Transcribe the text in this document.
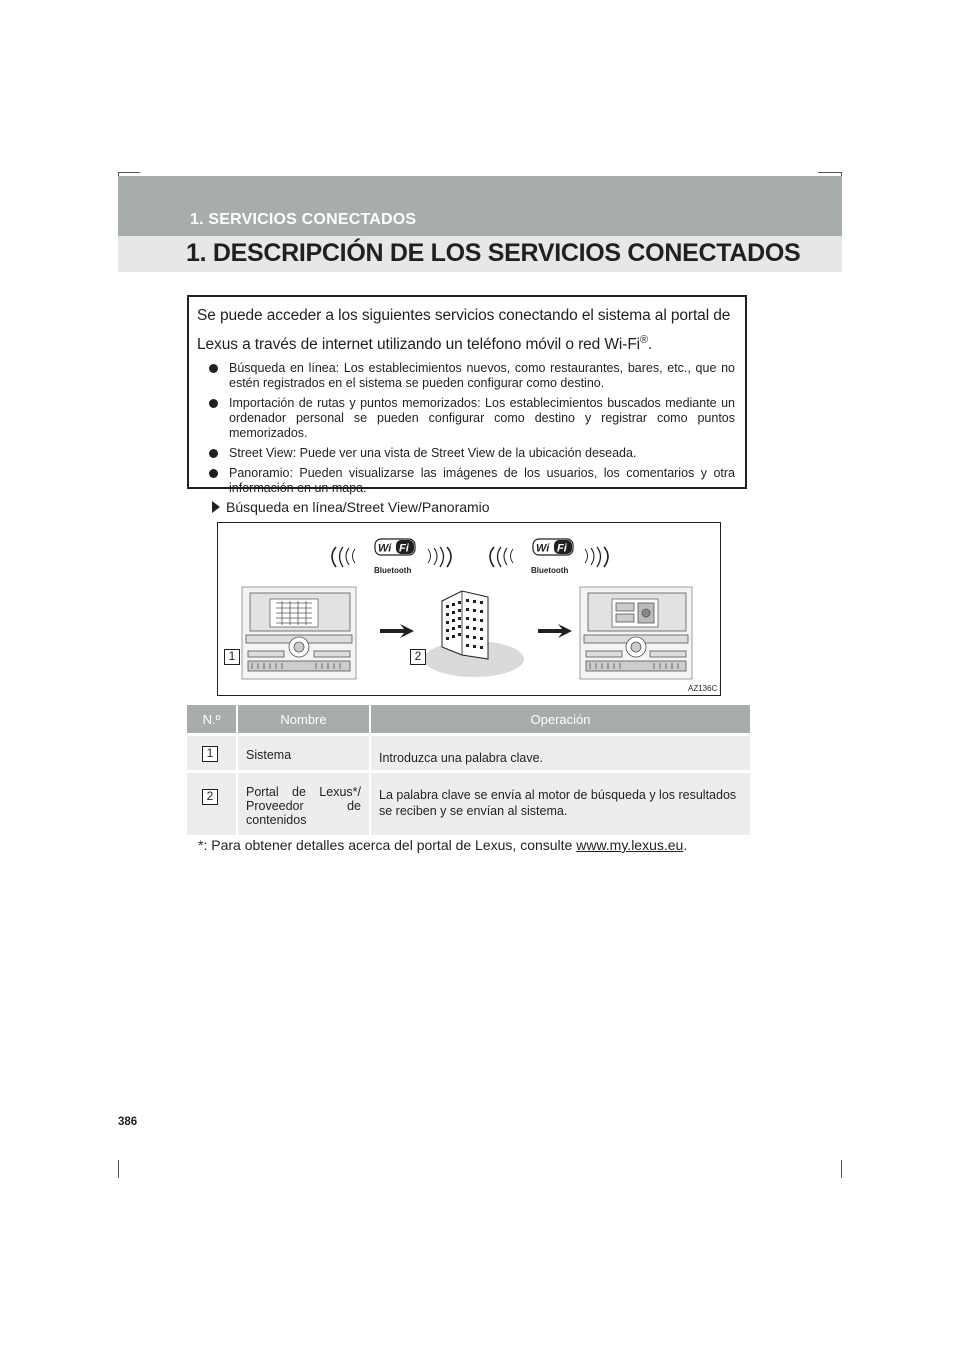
1. SERVICIOS CONECTADOS
1. DESCRIPCIÓN DE LOS SERVICIOS CONECTADOS

Se puede acceder a los siguientes servicios conectando el sistema al portal de Lexus a través de internet utilizando un teléfono móvil o red Wi-Fi®.

Búsqueda en línea: Los establecimientos nuevos, como restaurantes, bares, etc., que no estén registrados en el sistema se pueden configurar como destino.
Importación de rutas y puntos memorizados: Los establecimientos buscados mediante un ordenador personal se pueden configurar como destino y registrar como puntos memorizados.
Street View: Puede ver una vista de Street View de la ubicación deseada.
Panoramio: Pueden visualizarse las imágenes de los usuarios, los comentarios y otra información en un mapa.
Búsqueda en línea/Street View/Panoramio
Wi Fi
Bluetooth
Wi Fi
Bluetooth
1	2
AZ136C
N.º	Nombre	Operación

1	Sistema	Introduzca una palabra clave.

2	Portal de Lexus*/ Proveedor de contenidos	La palabra clave se envía al motor de búsqueda y los resultados se reciben y se envían al sistema.
*: Para obtener detalles acerca del portal de Lexus, consulte www.my.lexus.eu.
386
